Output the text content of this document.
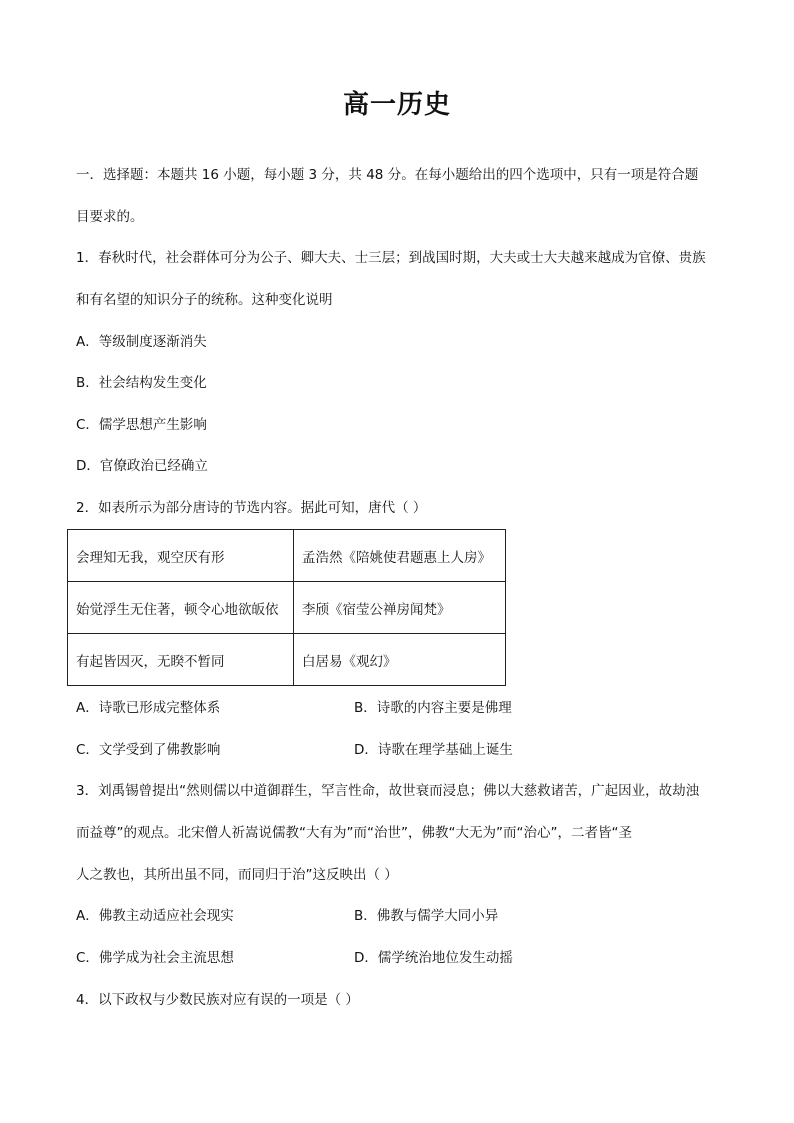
高一历史
一．选择题：本题共 16 小题，每小题 3 分，共 48 分。在每小题给出的四个选项中，只有一项是符合题
目要求的。
1．春秋时代，社会群体可分为公子、卿大夫、士三层；到战国时期，大夫或士大夫越来越成为官僚、贵族
和有名望的知识分子的统称。这种变化说明
A．等级制度逐渐消失
B．社会结构发生变化
C．儒学思想产生影响
D．官僚政治已经确立
2．如表所示为部分唐诗的节选内容。据此可知，唐代（ ）
会理知无我，观空厌有形	孟浩然《陪姚使君题惠上人房》
始觉浮生无住著，顿令心地欲皈依	李颀《宿莹公禅房闻梵》
有起皆因灭，无睽不暂同	白居易《观幻》
A．诗歌已形成完整体系	B．诗歌的内容主要是佛理
C．文学受到了佛教影响	D．诗歌在理学基础上诞生
3．刘禹锡曾提出“然则儒以中道御群生，罕言性命，故世衰而浸息；佛以大慈救诸苦，广起因业，故劫浊
而益尊”的观点。北宋僧人祈嵩说儒教“大有为”而“治世”，佛教“大无为”而“治心”，二者皆“圣
人之教也，其所出虽不同，而同归于治”这反映出（ ）
A．佛教主动适应社会现实	B．佛教与儒学大同小异
C．佛学成为社会主流思想	D．儒学统治地位发生动摇
4．以下政权与少数民族对应有误的一项是（ ）
